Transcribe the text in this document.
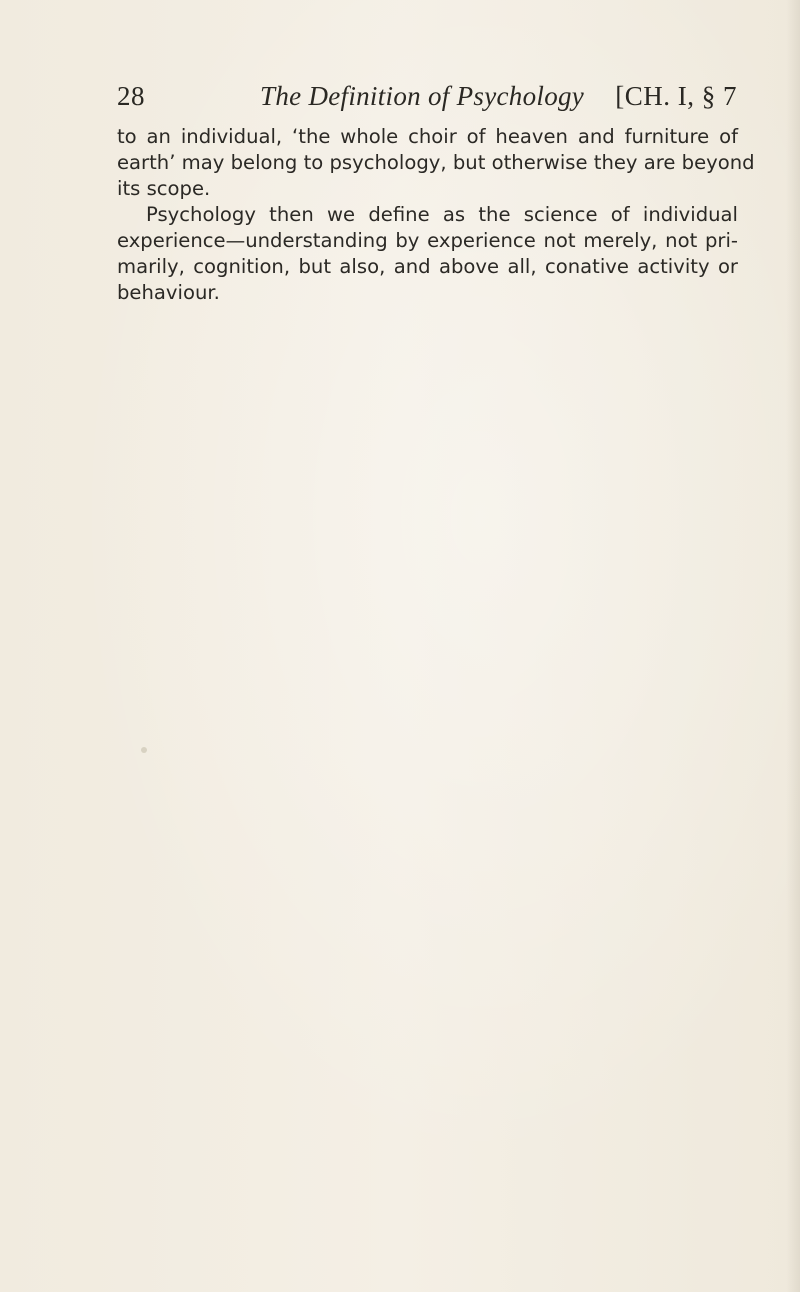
28	The Definition of Psychology [CH. I, § 7
to an individual, ‘the whole choir of heaven and furniture of
earth’ may belong to psychology, but otherwise they are beyond
its scope.
Psychology then we define as the science of individual
experience—understanding by experience not merely, not pri-
marily, cognition, but also, and above all, conative activity or
behaviour.
